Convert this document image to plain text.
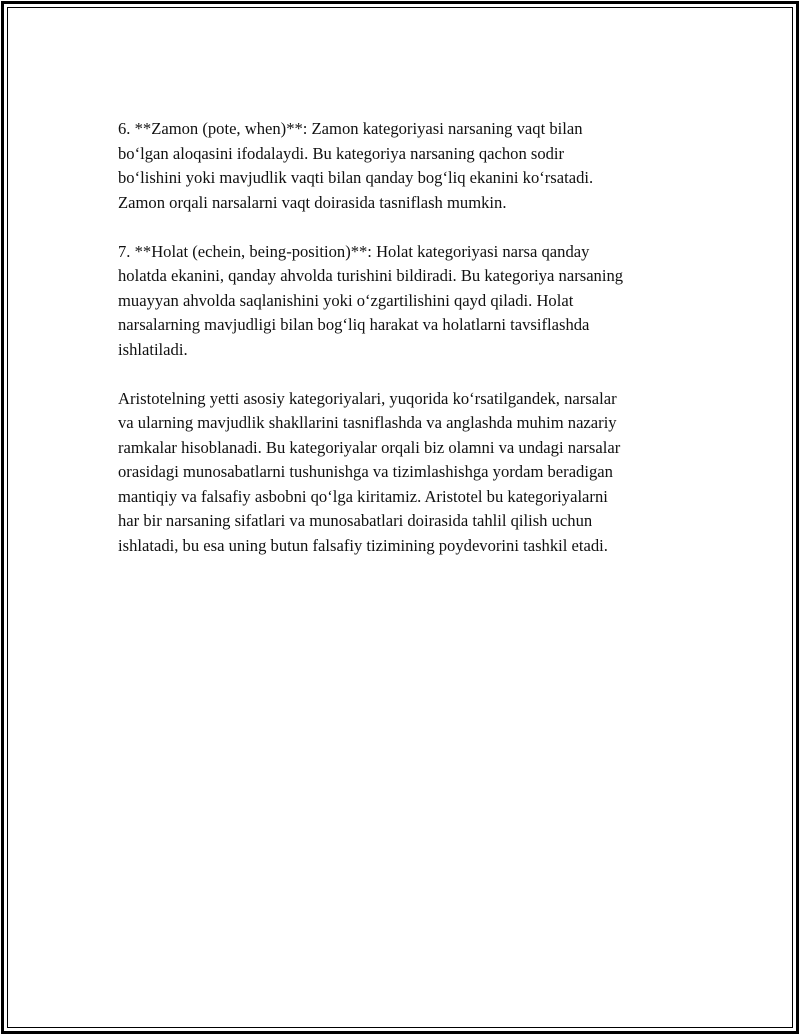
6. **Zamon (pote, when)**: Zamon kategoriyasi narsaning vaqt bilan
bo‘lgan aloqasini ifodalaydi. Bu kategoriya narsaning qachon sodir
bo‘lishini yoki mavjudlik vaqti bilan qanday bog‘liq ekanini ko‘rsatadi.
Zamon orqali narsalarni vaqt doirasida tasniflash mumkin.

7. **Holat (echein, being-position)**: Holat kategoriyasi narsa qanday
holatda ekanini, qanday ahvolda turishini bildiradi. Bu kategoriya narsaning
muayyan ahvolda saqlanishini yoki o‘zgartilishini qayd qiladi. Holat
narsalarning mavjudligi bilan bog‘liq harakat va holatlarni tavsiflashda
ishlatiladi.

Aristotelning yetti asosiy kategoriyalari, yuqorida ko‘rsatilgandek, narsalar
va ularning mavjudlik shakllarini tasniflashda va anglashda muhim nazariy
ramkalar hisoblanadi. Bu kategoriyalar orqali biz olamni va undagi narsalar
orasidagi munosabatlarni tushunishga va tizimlashishga yordam beradigan
mantiqiy va falsafiy asbobni qo‘lga kiritamiz. Aristotel bu kategoriyalarni
har bir narsaning sifatlari va munosabatlari doirasida tahlil qilish uchun
ishlatadi, bu esa uning butun falsafiy tizimining poydevorini tashkil etadi.
